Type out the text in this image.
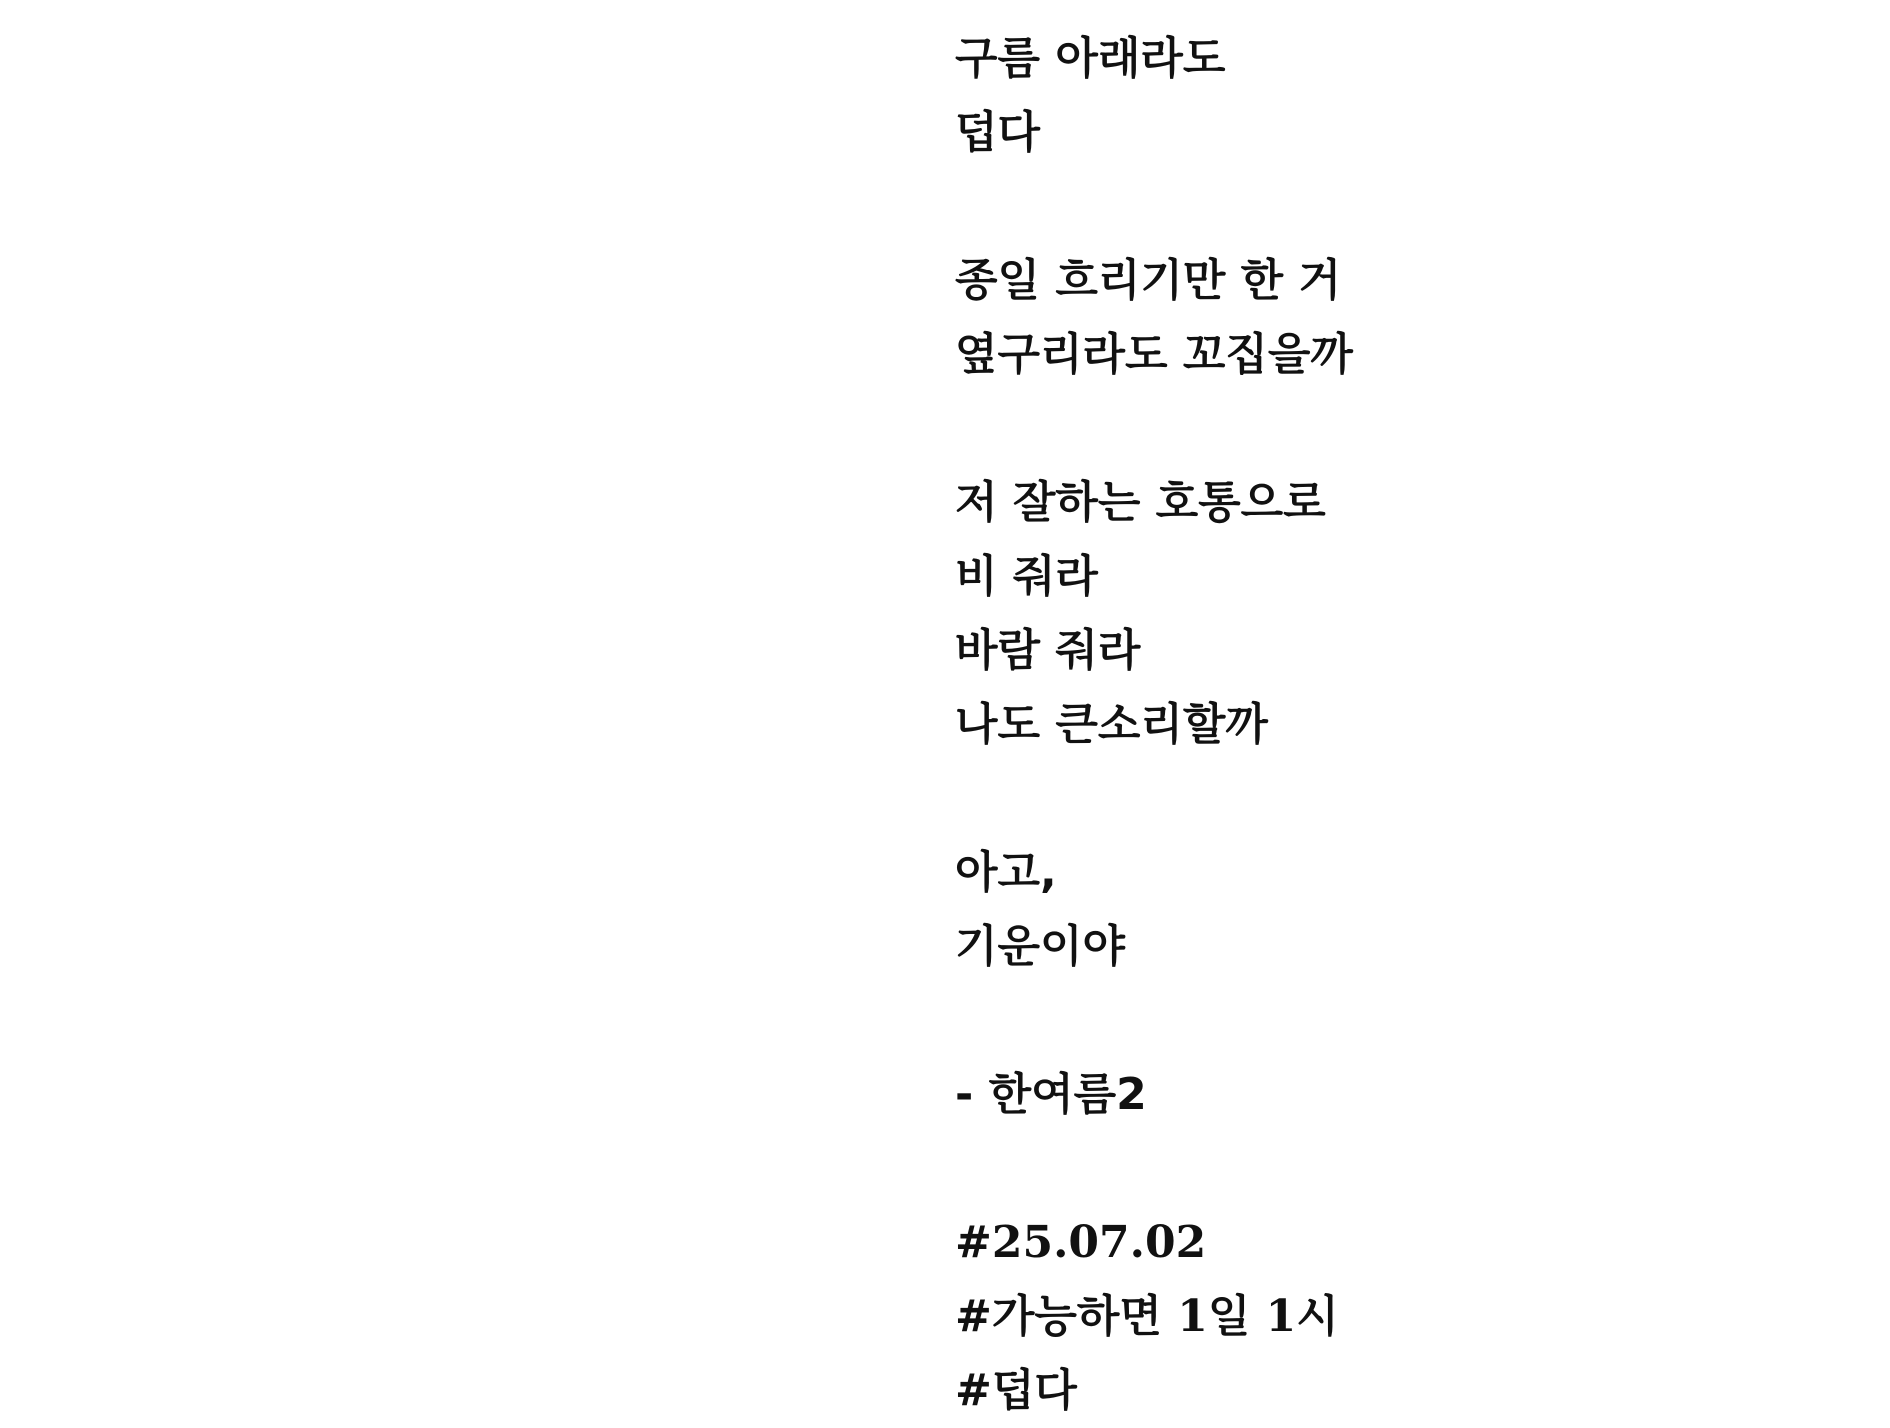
구름 아래라도
덥다
종일 흐리기만 한 거
옆구리라도 꼬집을까
저 잘하는 호통으로
비 줘라
바람 줘라
나도 큰소리할까
아고,
기운이야
- 한여름2
#25.07.02
#가능하면 1일 1시
#덥다
